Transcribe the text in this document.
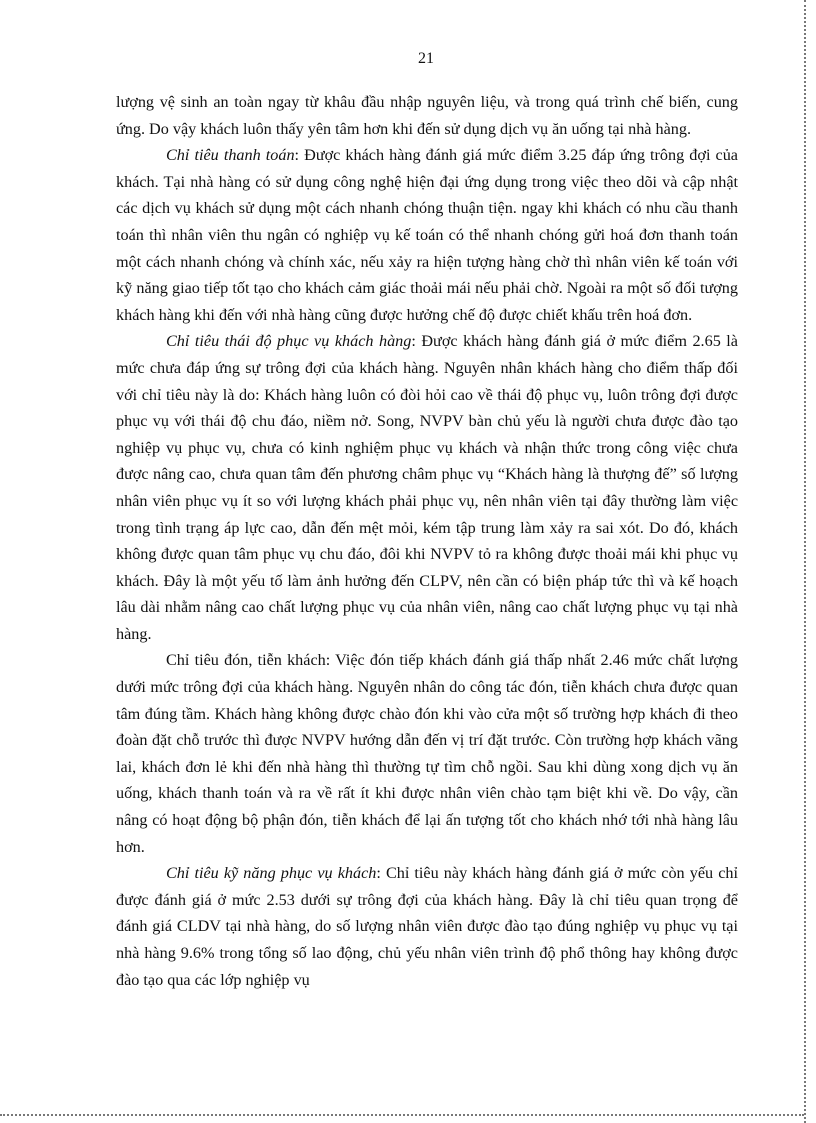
21

lượng vệ sinh an toàn ngay từ khâu đầu nhập nguyên liệu, và trong quá trình chế biến, cung ứng. Do vậy khách luôn thấy yên tâm hơn khi đến sử dụng dịch vụ ăn uống tại nhà hàng.

Chỉ tiêu thanh toán: Được khách hàng đánh giá mức điểm 3.25 đáp ứng trông đợi của khách. Tại nhà hàng có sử dụng công nghệ hiện đại ứng dụng trong việc theo dõi và cập nhật các dịch vụ khách sử dụng một cách nhanh chóng thuận tiện. ngay khi khách có nhu cầu thanh toán thì nhân viên thu ngân có nghiệp vụ kế toán có thể nhanh chóng gửi hoá đơn thanh toán một cách nhanh chóng và chính xác, nếu xảy ra hiện tượng hàng chờ thì nhân viên kế toán với kỹ năng giao tiếp tốt tạo cho khách cảm giác thoải mái nếu phải chờ. Ngoài ra một số đối tượng khách hàng khi đến với nhà hàng cũng được hưởng chế độ được chiết khấu trên hoá đơn.

Chỉ tiêu thái độ phục vụ khách hàng: Được khách hàng đánh giá ở mức điểm 2.65 là mức chưa đáp ứng sự trông đợi của khách hàng. Nguyên nhân khách hàng cho điểm thấp đối với chỉ tiêu này là do: Khách hàng luôn có đòi hỏi cao về thái độ phục vụ, luôn trông đợi được phục vụ với thái độ chu đáo, niềm nở. Song, NVPV bàn chủ yếu là người chưa được đào tạo nghiệp vụ phục vụ, chưa có kinh nghiệm phục vụ khách và nhận thức trong công việc chưa được nâng cao, chưa quan tâm đến phương châm phục vụ “Khách hàng là thượng đế” số lượng nhân viên phục vụ ít so với lượng khách phải phục vụ, nên nhân viên tại đây thường làm việc trong tình trạng áp lực cao, dẫn đến mệt mỏi, kém tập trung làm xảy ra sai xót. Do đó, khách không được quan tâm phục vụ chu đáo, đôi khi NVPV tỏ ra không được thoải mái khi phục vụ khách. Đây là một yếu tố làm ảnh hưởng đến CLPV, nên cần có biện pháp tức thì và kế hoạch lâu dài nhằm nâng cao chất lượng phục vụ của nhân viên, nâng cao chất lượng phục vụ tại nhà hàng.

Chỉ tiêu đón, tiễn khách: Việc đón tiếp khách đánh giá thấp nhất 2.46 mức chất lượng dưới mức trông đợi của khách hàng. Nguyên nhân do công tác đón, tiễn khách chưa được quan tâm đúng tầm. Khách hàng không được chào đón khi vào cửa một số trường hợp khách đi theo đoàn đặt chỗ trước thì được NVPV hướng dẫn đến vị trí đặt trước. Còn trường hợp khách vãng lai, khách đơn lẻ khi đến nhà hàng thì thường tự tìm chỗ ngồi. Sau khi dùng xong dịch vụ ăn uống, khách thanh toán và ra về rất ít khi được nhân viên chào tạm biệt khi về. Do vậy, cần nâng có hoạt động bộ phận đón, tiễn khách để lại ấn tượng tốt cho khách nhớ tới nhà hàng lâu hơn.

Chỉ tiêu kỹ năng phục vụ khách: Chỉ tiêu này khách hàng đánh giá ở mức còn yếu chỉ được đánh giá ở mức 2.53 dưới sự trông đợi của khách hàng. Đây là chỉ tiêu quan trọng để đánh giá CLDV tại nhà hàng, do số lượng nhân viên được đào tạo đúng nghiệp vụ phục vụ tại nhà hàng 9.6% trong tổng số lao động, chủ yếu nhân viên trình độ phổ thông hay không được đào tạo qua các lớp nghiệp vụ
